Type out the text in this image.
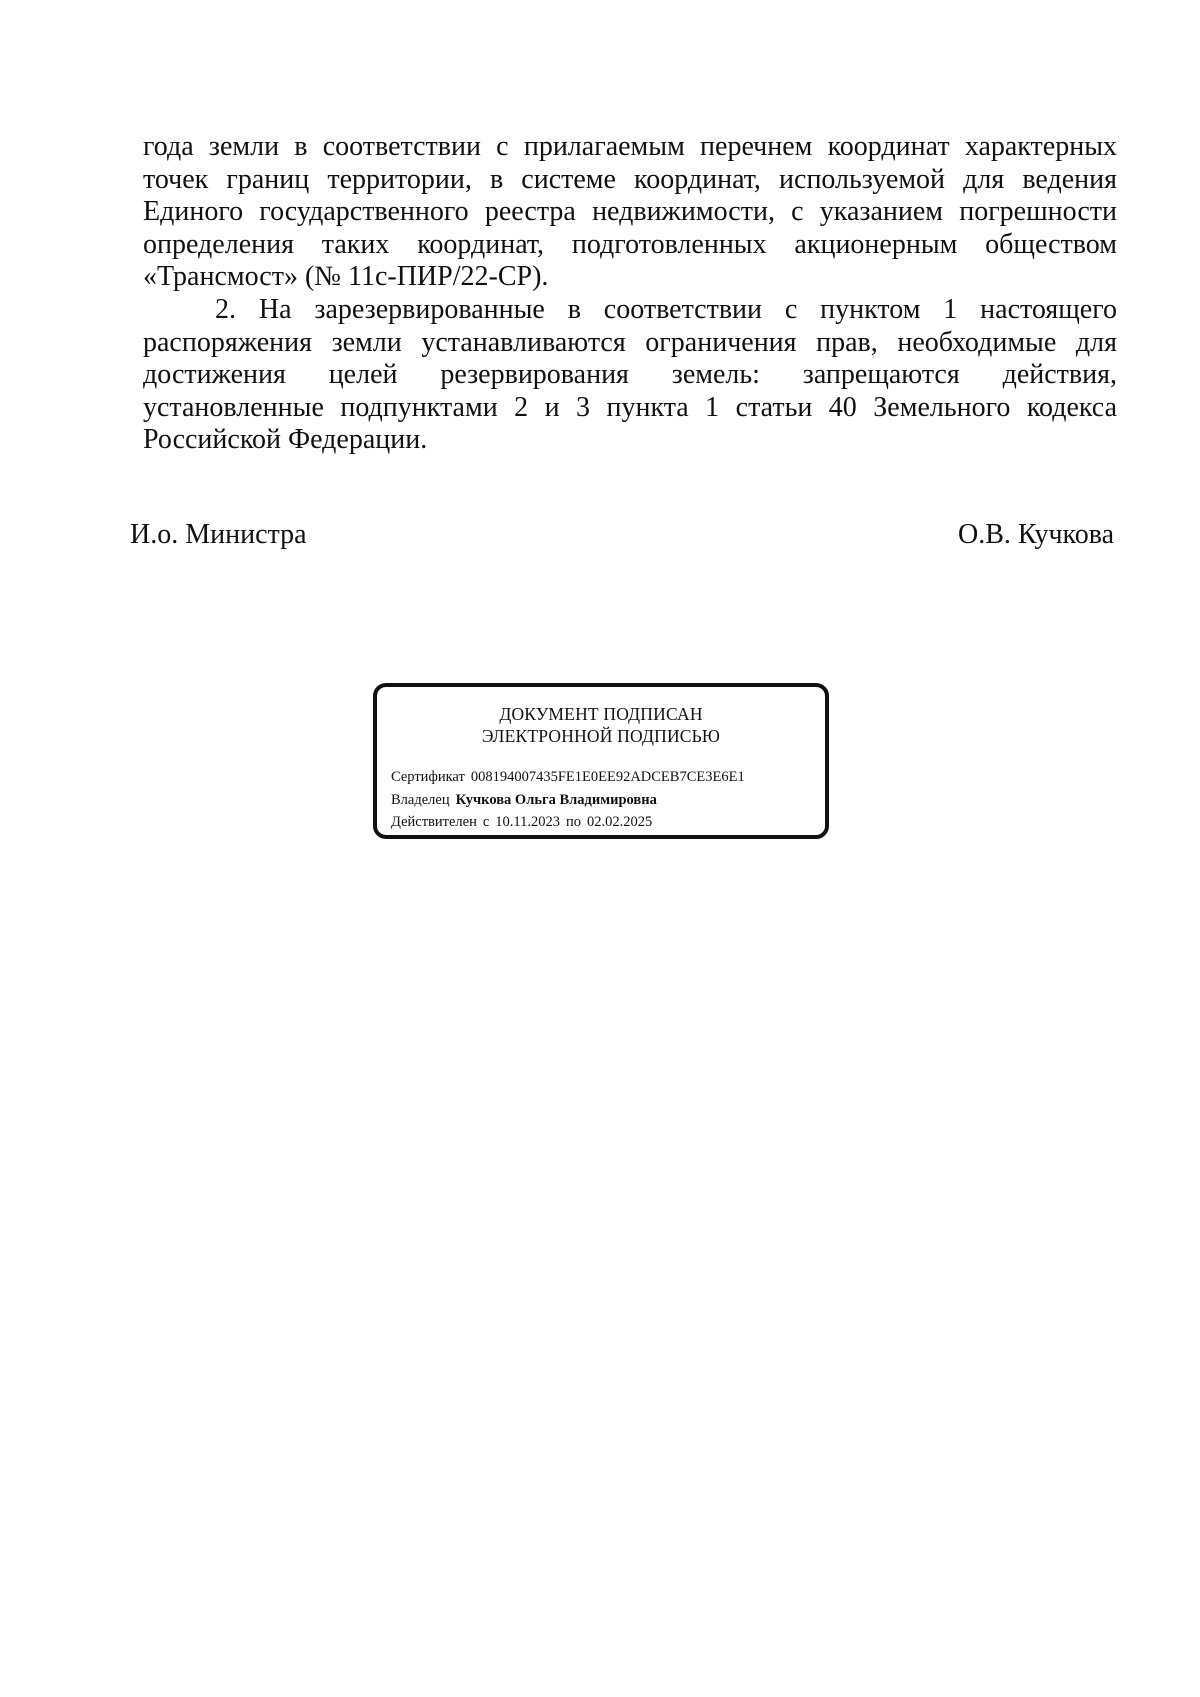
года земли в соответствии с прилагаемым перечнем координат характерных точек границ территории, в системе координат, используемой для ведения Единого государственного реестра недвижимости, с указанием погрешности определения таких координат, подготовленных акционерным обществом «Трансмост» (№ 11с-ПИР/22-СР).

2. На зарезервированные в соответствии с пунктом 1 настоящего распоряжения земли устанавливаются ограничения прав, необходимые для достижения целей резервирования земель: запрещаются действия, установленные подпунктами 2 и 3 пункта 1 статьи 40 Земельного кодекса Российской Федерации.

И.о. Министра	О.В. Кучкова
ДОКУМЕНТ ПОДПИСАН
ЭЛЕКТРОННОЙ ПОДПИСЬЮ
Сертификат 008194007435FE1E0EE92ADCEB7CE3E6E1
Владелец Кучкова Ольга Владимировна
Действителен с 10.11.2023 по 02.02.2025
